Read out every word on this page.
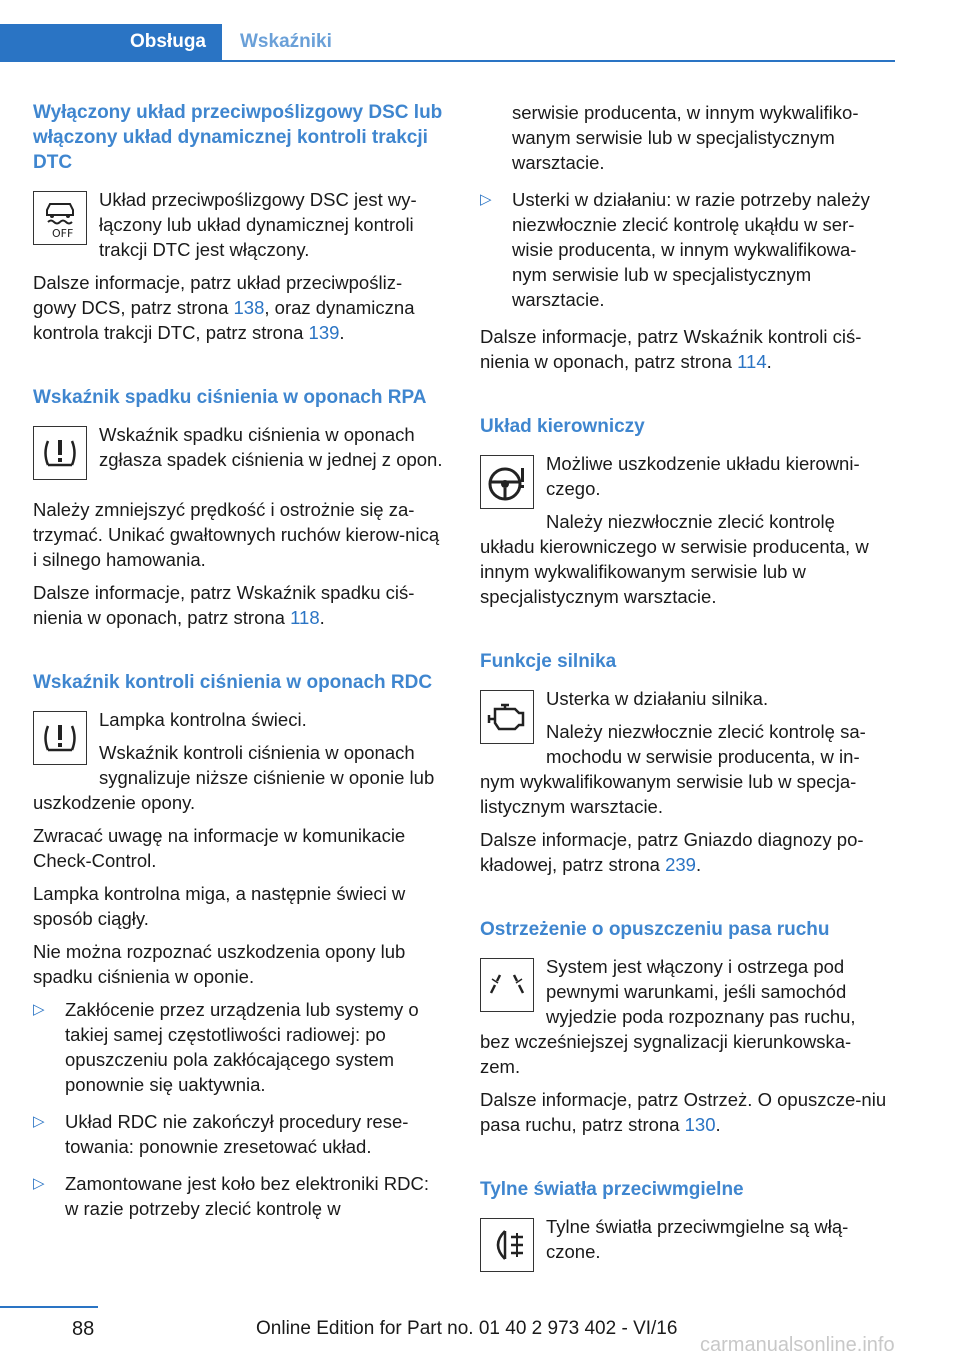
Obsługa	Wskaźniki
Wyłączony układ przeciwpoślizgowy DSC lub włączony układ dynamicznej kontroli trakcji DTC
OFF

Układ przeciwpoślizgowy DSC jest wy-łączony lub układ dynamicznej kontroli trakcji DTC jest włączony.

Dalsze informacje, patrz układ przeciwpośliz-gowy DCS, patrz strona 138, oraz dynamiczna kontrola trakcji DTC, patrz strona 139.

Wskaźnik spadku ciśnienia w oponach RPA

Wskaźnik spadku ciśnienia w oponach zgłasza spadek ciśnienia w jednej z opon.

Należy zmniejszyć prędkość i ostrożnie się za-trzymać. Unikać gwałtownych ruchów kierow-nicą i silnego hamowania.

Dalsze informacje, patrz Wskaźnik spadku ciś-nienia w oponach, patrz strona 118.

Wskaźnik kontroli ciśnienia w oponach RDC

Lampka kontrolna świeci.

Wskaźnik kontroli ciśnienia w oponach sygnalizuje niższe ciśnienie w oponie lub uszkodzenie opony.

Zwracać uwagę na informacje w komunikacie Check-Control.

Lampka kontrolna miga, a następnie świeci w sposób ciągły.

Nie można rozpoznać uszkodzenia opony lub spadku ciśnienia w oponie.

▷ Zakłócenie przez urządzenia lub systemy o takiej samej częstotliwości radiowej: po opuszczeniu pola zakłócającego system ponownie się uaktywnia.
▷ Układ RDC nie zakończył procedury rese-towania: ponownie zresetować układ.
▷ Zamontowane jest koło bez elektroniki RDC: w razie potrzeby zlecić kontrolę w
serwisie producenta, w innym wykwalifiko-wanym serwisie lub w specjalistycznym warsztacie.
▷ Usterki w działaniu: w razie potrzeby należy niezwłocznie zlecić kontrolę ukąłdu w ser-wisie producenta, w innym wykwalifikowa-nym serwisie lub w specjalistycznym warsztacie.

Dalsze informacje, patrz Wskaźnik kontroli ciś-nienia w oponach, patrz strona 114.

Układ kierowniczy

Możliwe uszkodzenie układu kierowni-czego.

Należy niezwłocznie zlecić kontrolę układu kierowniczego w serwisie producenta, w innym wykwalifikowanym serwisie lub w specjalistycznym warsztacie.

Funkcje silnika

Usterka w działaniu silnika.

Należy niezwłocznie zlecić kontrolę sa-mochodu w serwisie producenta, w in-nym wykwalifikowanym serwisie lub w specja-listycznym warsztacie.

Dalsze informacje, patrz Gniazdo diagnozy po-kładowej, patrz strona 239.

Ostrzeżenie o opuszczeniu pasa ruchu

System jest włączony i ostrzega pod pewnymi warunkami, jeśli samochód wyjedzie poda rozpoznany pas ruchu, bez wcześniejszej sygnalizacji kierunkowska-zem.

Dalsze informacje, patrz Ostrzeż. O opuszcze-niu pasa ruchu, patrz strona 130.

Tylne światła przeciwmgielne

Tylne światła przeciwmgielne są włą-czone.

88	Online Edition for Part no. 01 40 2 973 402 - VI/16
carmanualsonline.info
